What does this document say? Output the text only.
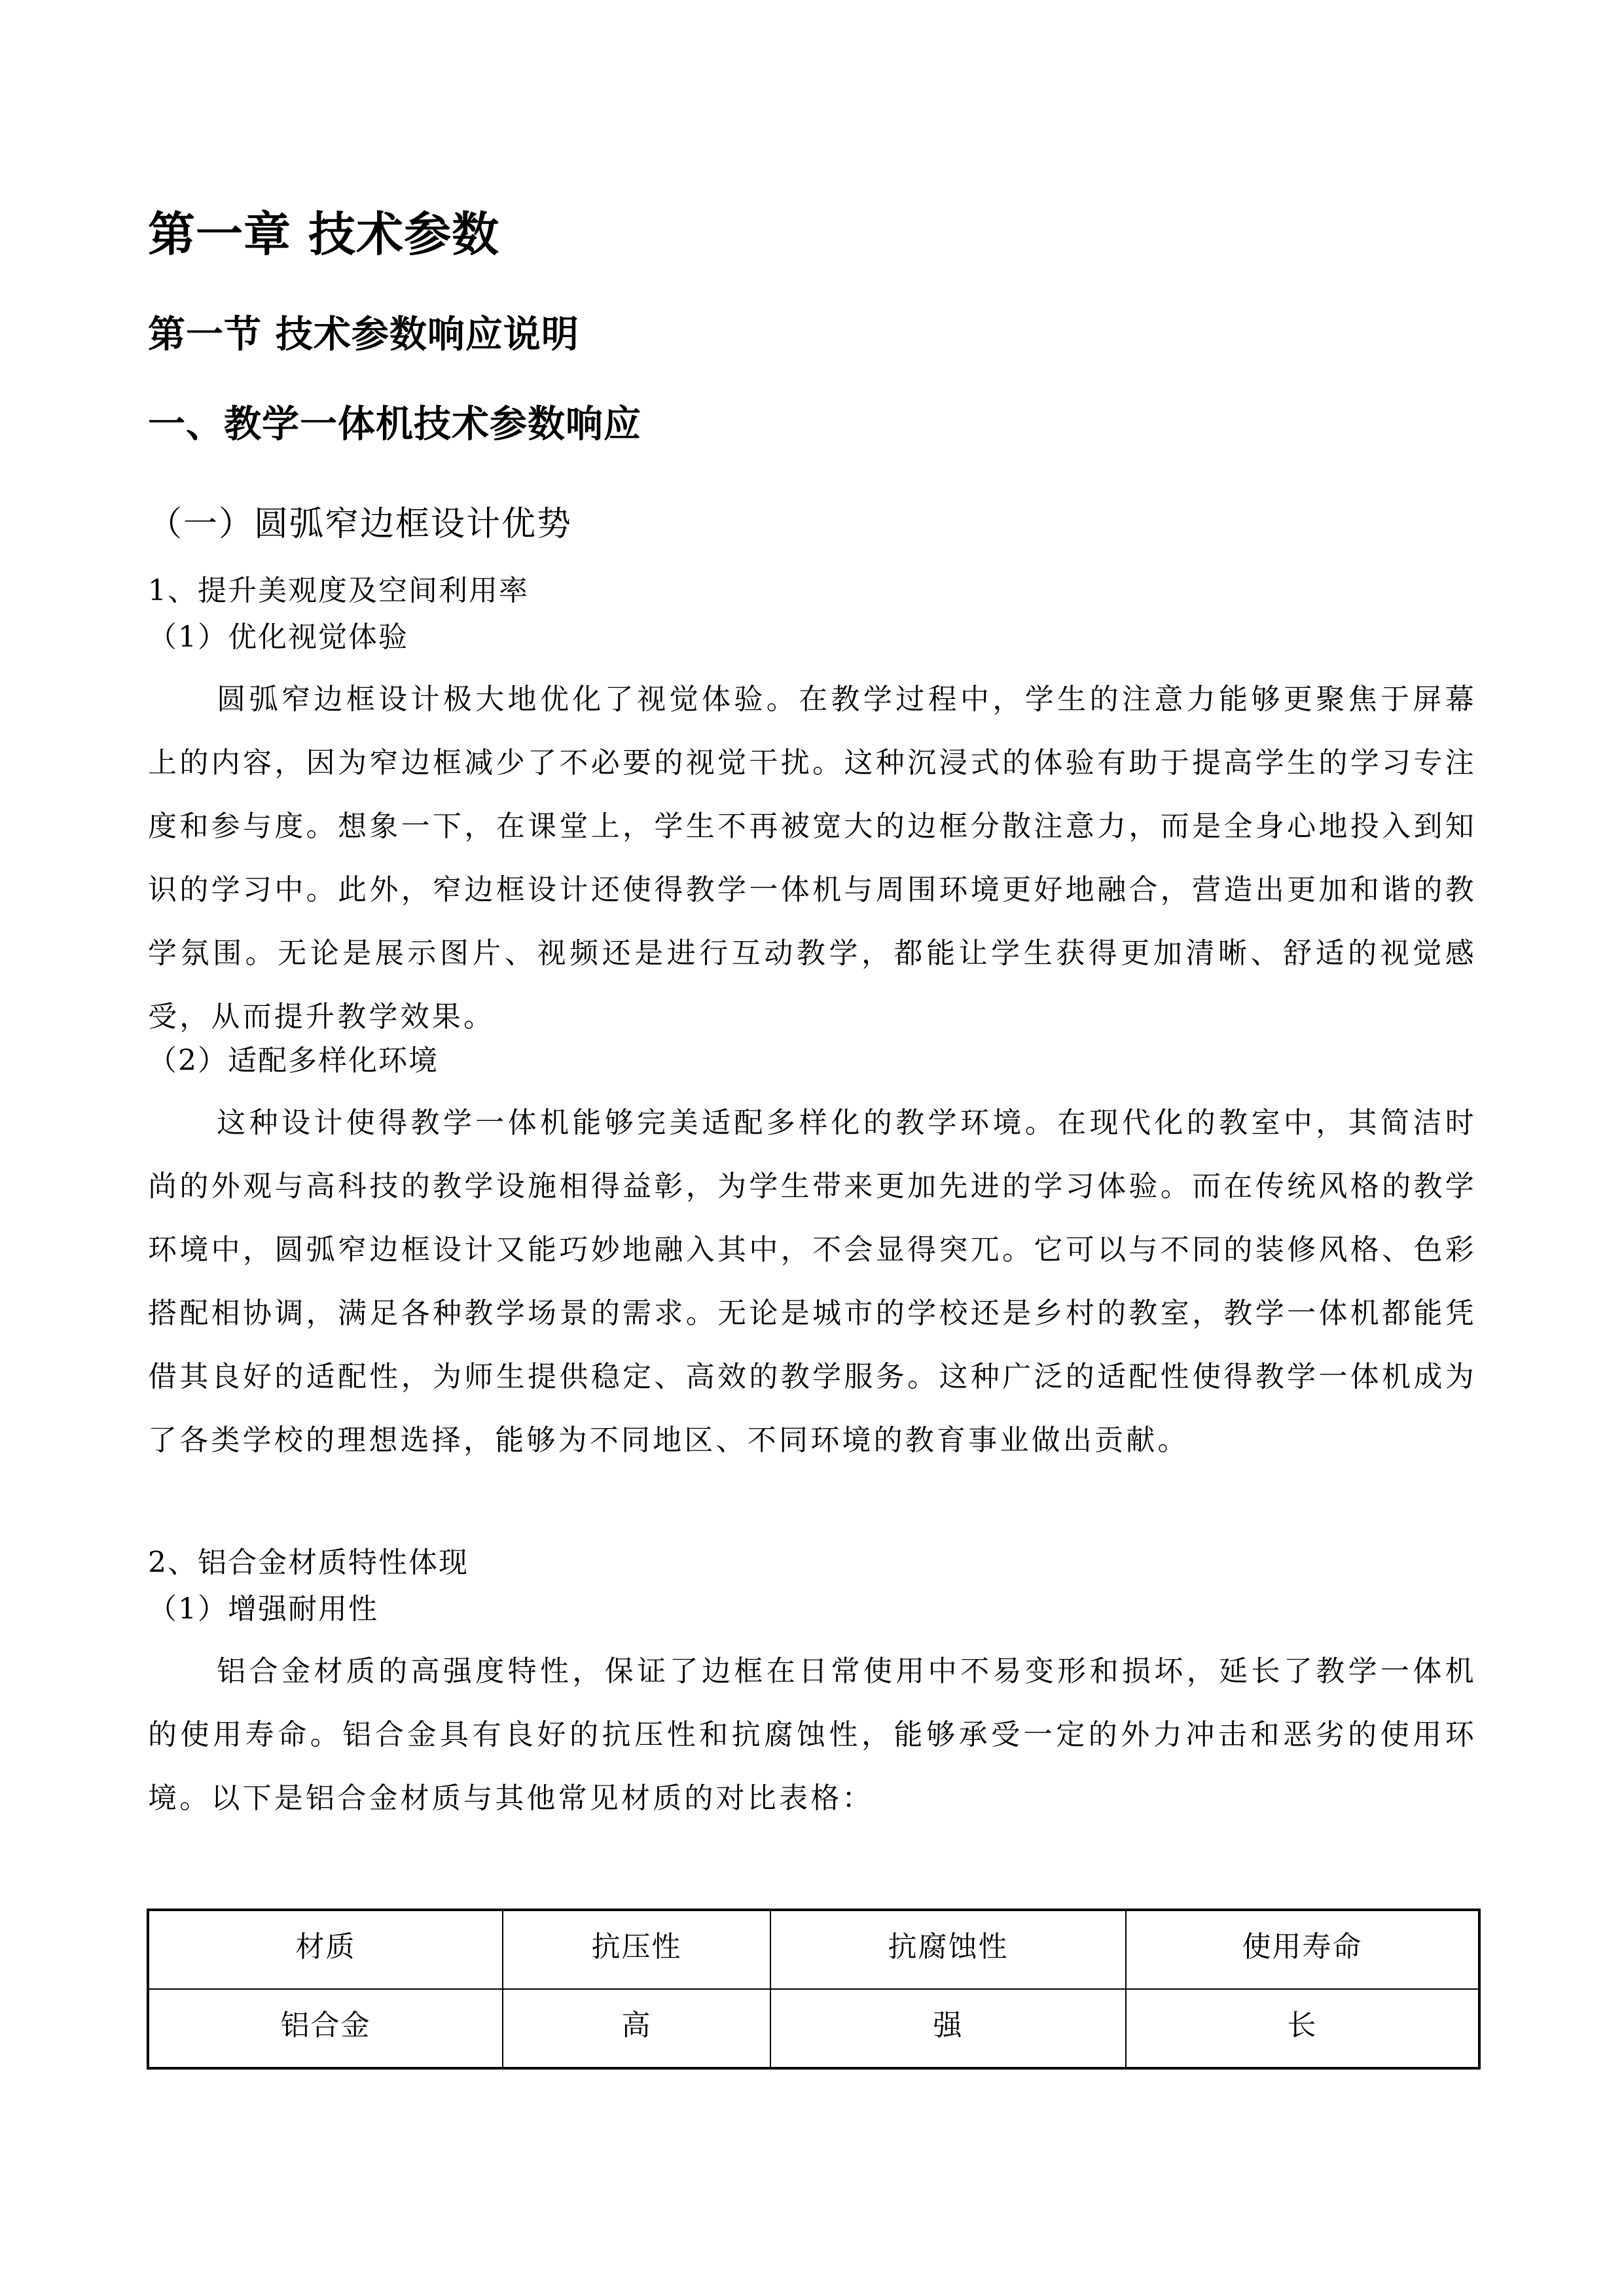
第一章 技术参数
第一节 技术参数响应说明
一、教学一体机技术参数响应
（一）圆弧窄边框设计优势
1、提升美观度及空间利用率
（1）优化视觉体验
圆弧窄边框设计极大地优化了视觉体验。在教学过程中，学生的注意力能够更聚焦于屏幕上的内容，因为窄边框减少了不必要的视觉干扰。这种沉浸式的体验有助于提高学生的学习专注度和参与度。想象一下，在课堂上，学生不再被宽大的边框分散注意力，而是全身心地投入到知识的学习中。此外，窄边框设计还使得教学一体机与周围环境更好地融合，营造出更加和谐的教学氛围。无论是展示图片、视频还是进行互动教学，都能让学生获得更加清晰、舒适的视觉感受，从而提升教学效果。
（2）适配多样化环境
这种设计使得教学一体机能够完美适配多样化的教学环境。在现代化的教室中，其简洁时尚的外观与高科技的教学设施相得益彰，为学生带来更加先进的学习体验。而在传统风格的教学环境中，圆弧窄边框设计又能巧妙地融入其中，不会显得突兀。它可以与不同的装修风格、色彩搭配相协调，满足各种教学场景的需求。无论是城市的学校还是乡村的教室，教学一体机都能凭借其良好的适配性，为师生提供稳定、高效的教学服务。这种广泛的适配性使得教学一体机成为了各类学校的理想选择，能够为不同地区、不同环境的教育事业做出贡献。
2、铝合金材质特性体现
（1）增强耐用性
铝合金材质的高强度特性，保证了边框在日常使用中不易变形和损坏，延长了教学一体机的使用寿命。铝合金具有良好的抗压性和抗腐蚀性，能够承受一定的外力冲击和恶劣的使用环境。以下是铝合金材质与其他常见材质的对比表格：
材质	抗压性	抗腐蚀性	使用寿命
铝合金	高	强	长
